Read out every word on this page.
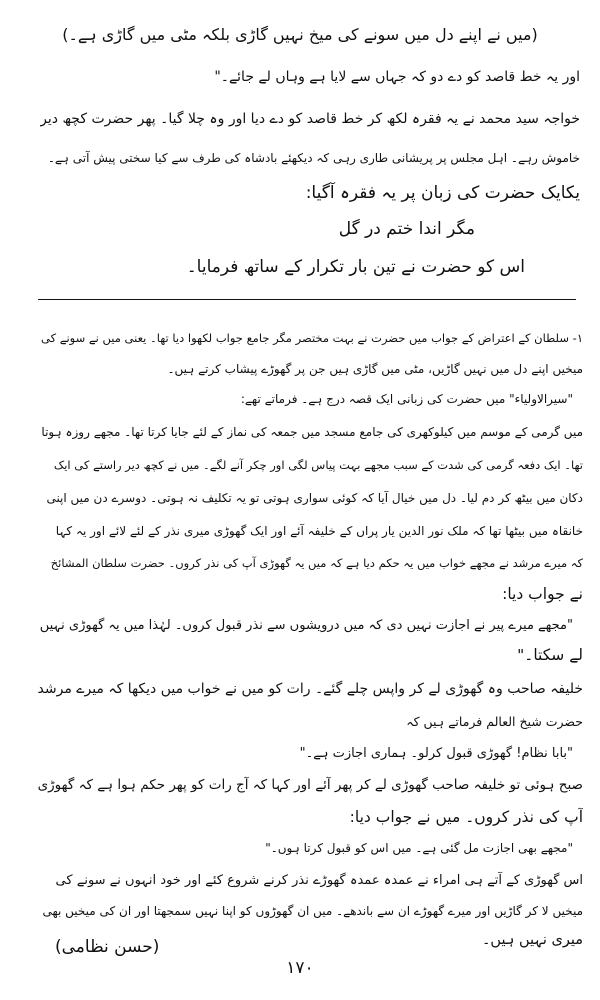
(میں نے اپنے دل میں سونے کی میخ نہیں گاڑی بلکہ مٹی میں گاڑی ہے۔)
اور یہ خط قاصد کو دے دو کہ جہاں سے لایا ہے وہاں لے جائے۔"
خواجہ سید محمد نے یہ فقرہ لکھ کر خط قاصد کو دے دیا اور وہ چلا گیا۔ پھر حضرت کچھ دیر
خاموش رہے۔ اہل مجلس پر پریشانی طاری رہی کہ دیکھئے بادشاہ کی طرف سے کیا سختی پیش آتی ہے۔
یکایک حضرت کی زبان پر یہ فقرہ آگیا:
مگر اندا ختم در گل
اس کو حضرت نے تین بار تکرار کے ساتھ فرمایا۔
۱- سلطان کے اعتراض کے جواب میں حضرت نے بہت مختصر مگر جامع جواب لکھوا دیا تھا۔ یعنی میں نے سونے کی
میخیں اپنے دل میں نہیں گاڑیں، مٹی میں گاڑی ہیں جن پر گھوڑے پیشاب کرتے ہیں۔
"سیرالاولیاء" میں حضرت کی زبانی ایک قصہ درج ہے۔ فرماتے تھے:
میں گرمی کے موسم میں کیلوکھری کی جامع مسجد میں جمعہ کی نماز کے لئے جایا کرتا تھا۔ مجھے روزہ ہوتا
تھا۔ ایک دفعہ گرمی کی شدت کے سبب مجھے بہت پیاس لگی اور چکر آنے لگے۔ میں نے کچھ دیر راستے کی ایک
دکان میں بیٹھ کر دم لیا۔ دل میں خیال آیا کہ کوئی سواری ہوتی تو یہ تکلیف نہ ہوتی۔ دوسرے دن میں اپنی
خانقاہ میں بیٹھا تھا کہ ملک نور الدین یار پراں کے خلیفہ آئے اور ایک گھوڑی میری نذر کے لئے لائے اور یہ کہا
کہ میرے مرشد نے مجھے خواب میں یہ حکم دیا ہے کہ میں یہ گھوڑی آپ کی نذر کروں۔ حضرت سلطان المشائخ
نے جواب دیا:
"مجھے میرے پیر نے اجازت نہیں دی کہ میں درویشوں سے نذر قبول کروں۔ لہٰذا میں یہ گھوڑی نہیں
لے سکتا۔"
خلیفہ صاحب وہ گھوڑی لے کر واپس چلے گئے۔ رات کو میں نے خواب میں دیکھا کہ میرے مرشد
حضرت شیخ العالم فرماتے ہیں کہ
"بابا نظام! گھوڑی قبول کرلو۔ ہماری اجازت ہے۔"
صبح ہوئی تو خلیفہ صاحب گھوڑی لے کر پھر آئے اور کہا کہ آج رات کو پھر حکم ہوا ہے کہ گھوڑی
آپ کی نذر کروں۔ میں نے جواب دیا:
"مجھے بھی اجازت مل گئی ہے۔ میں اس کو قبول کرتا ہوں۔"
اس گھوڑی کے آتے ہی امراء نے عمدہ عمدہ گھوڑے نذر کرنے شروع کئے اور خود انہوں نے سونے کی
میخیں لا کر گاڑیں اور میرے گھوڑے ان سے باندھے۔ میں ان گھوڑوں کو اپنا نہیں سمجھتا اور ان کی میخیں بھی
میری نہیں ہیں۔
(حسن نظامی)
۱۷۰
